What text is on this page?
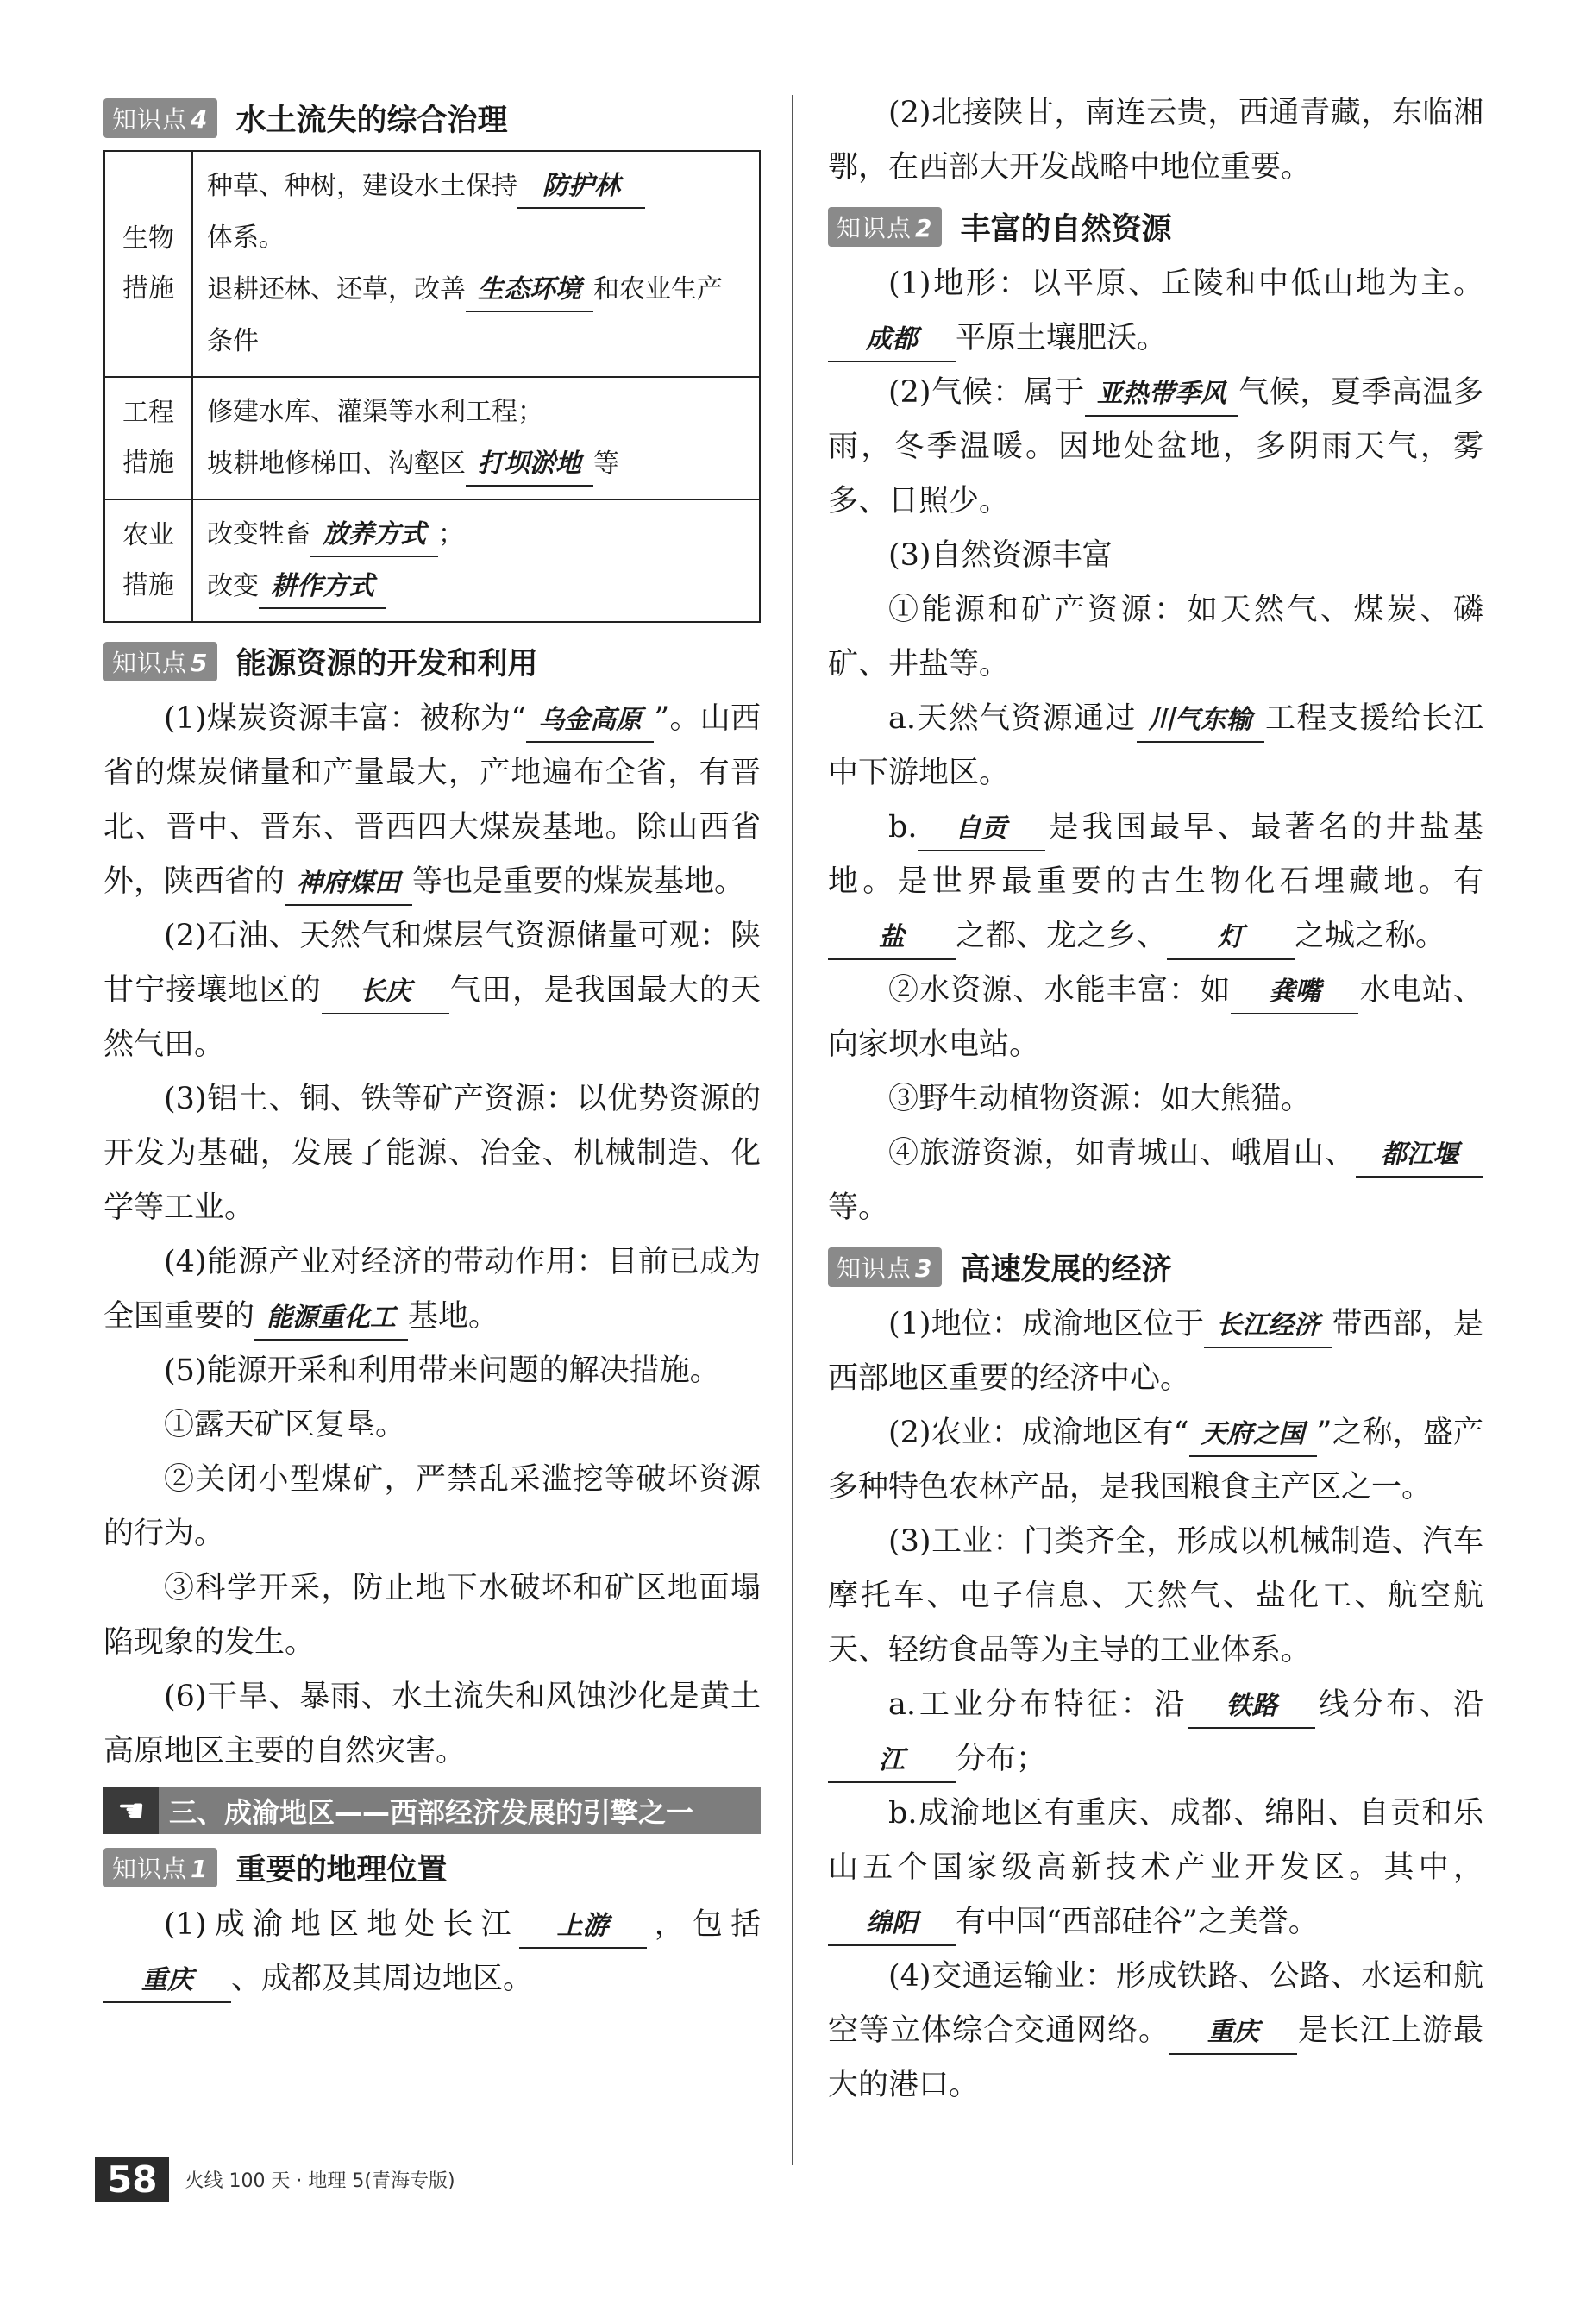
知识点 4 水土流失的综合治理
生物
措施	种草、种树，建设水土保持 防护林
体系。
退耕还林、还草，改善 生态环境 和农业生产条件
工程
措施	修建水库、灌渠等水利工程；
坡耕地修梯田、沟壑区 打坝淤地 等
农业
措施	改变牲畜 放养方式 ；
改变 耕作方式
知识点 5 能源资源的开发和利用

(1)煤炭资源丰富：被称为“ 乌金高原 ”。山西省的煤炭储量和产量最大，产地遍布全省，有晋北、晋中、晋东、晋西四大煤炭基地。除山西省外，陕西省的 神府煤田 等也是重要的煤炭基地。

(2)石油、天然气和煤层气资源储量可观：陕甘宁接壤地区的 长庆 气田，是我国最大的天然气田。

(3)铝土、铜、铁等矿产资源：以优势资源的开发为基础，发展了能源、冶金、机械制造、化学等工业。

(4)能源产业对经济的带动作用：目前已成为全国重要的 能源重化工 基地。

(5)能源开采和利用带来问题的解决措施。

①露天矿区复垦。

②关闭小型煤矿，严禁乱采滥挖等破坏资源的行为。

③科学开采，防止地下水破坏和矿区地面塌陷现象的发生。

(6)干旱、暴雨、水土流失和风蚀沙化是黄土高原地区主要的自然灾害。

☚ 三、成渝地区——西部经济发展的引擎之一
知识点 1 重要的地理位置

(1)成渝地区地处长江 上游 ，包括重庆 、成都及其周边地区。

(2)北接陕甘，南连云贵，西通青藏，东临湘鄂，在西部大开发战略中地位重要。

知识点 2 丰富的自然资源

(1)地形：以平原、丘陵和中低山地为主。成都 平原土壤肥沃。

(2)气候：属于 亚热带季风 气候，夏季高温多雨，冬季温暖。因地处盆地，多阴雨天气，雾多、日照少。

(3)自然资源丰富

①能源和矿产资源：如天然气、煤炭、磷矿、井盐等。

a.天然气资源通过 川气东输 工程支援给长江中下游地区。

b. 自贡 是我国最早、最著名的井盐基地。是世界最重要的古生物化石埋藏地。有盐 之都、龙之乡、 灯 之城之称。

②水资源、水能丰富：如 龚嘴 水电站、向家坝水电站。

③野生动植物资源：如大熊猫。

④旅游资源，如青城山、峨眉山、 都江堰等。

知识点 3 高速发展的经济

(1)地位：成渝地区位于 长江经济 带西部，是西部地区重要的经济中心。

(2)农业：成渝地区有“ 天府之国 ”之称，盛产多种特色农林产品，是我国粮食主产区之一。

(3)工业：门类齐全，形成以机械制造、汽车摩托车、电子信息、天然气、盐化工、航空航天、轻纺食品等为主导的工业体系。

a.工业分布特征：沿 铁路 线分布、沿江 分布；

b.成渝地区有重庆、成都、绵阳、自贡和乐山五个国家级高新技术产业开发区。其中，绵阳 有中国“西部硅谷”之美誉。

(4)交通运输业：形成铁路、公路、水运和航空等立体综合交通网络。 重庆 是长江上游最大的港口。

58	火线 100 天 · 地理 5(青海专版)
